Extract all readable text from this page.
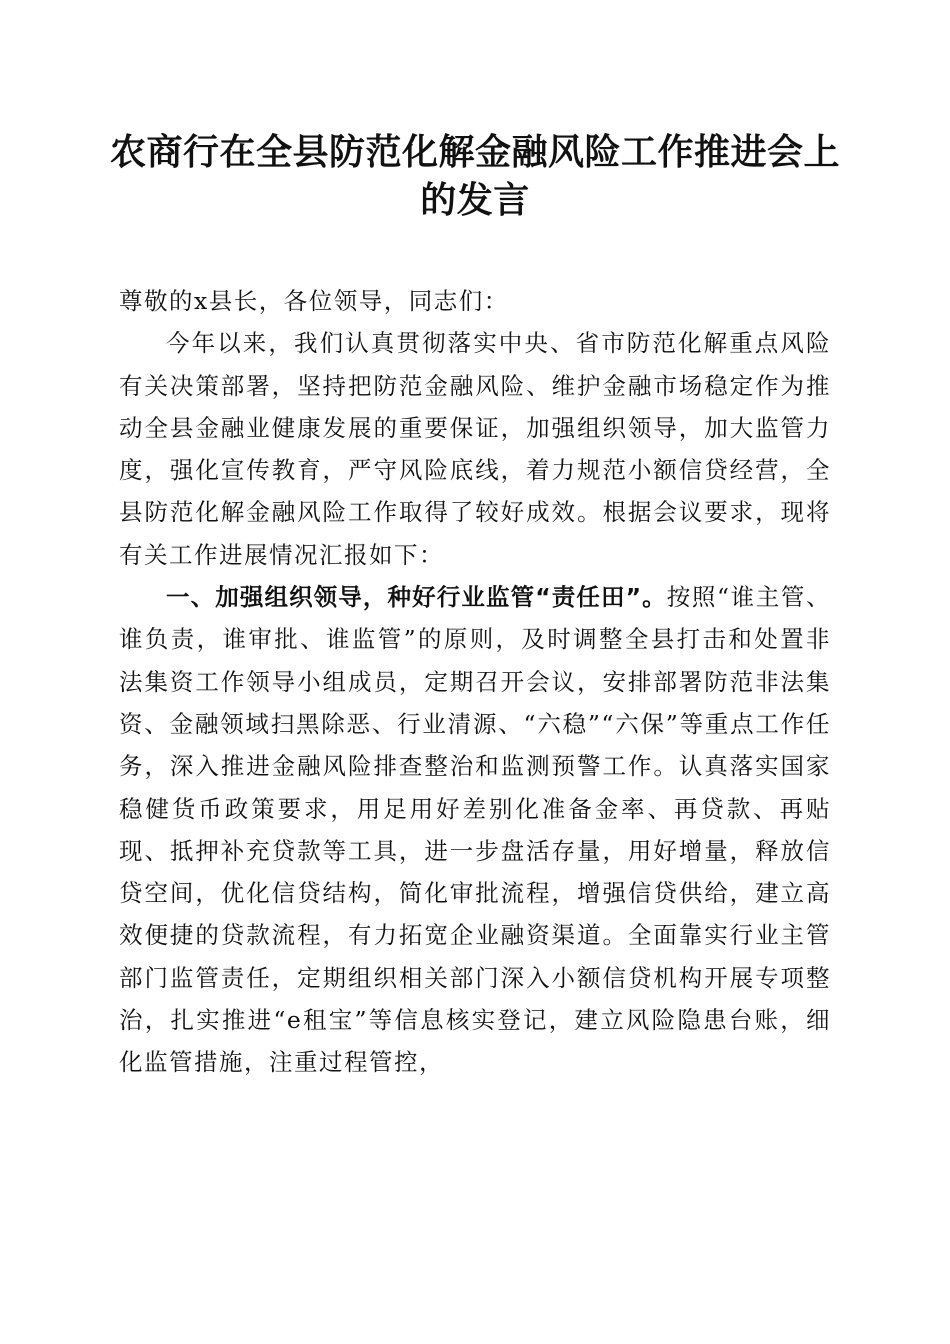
农商行在全县防范化解金融风险工作推进会上
的发言

尊敬的x县长，各位领导，同志们：

今年以来，我们认真贯彻落实中央、省市防范化解重点风险有关决策部署，坚持把防范金融风险、维护金融市场稳定作为推动全县金融业健康发展的重要保证，加强组织领导，加大监管力度，强化宣传教育，严守风险底线，着力规范小额信贷经营，全县防范化解金融风险工作取得了较好成效。根据会议要求，现将有关工作进展情况汇报如下：

一、加强组织领导，种好行业监管“责任田”。按照“谁主管、谁负责，谁审批、谁监管”的原则，及时调整全县打击和处置非法集资工作领导小组成员，定期召开会议，安排部署防范非法集资、金融领域扫黑除恶、行业清源、“六稳”“六保”等重点工作任务，深入推进金融风险排查整治和监测预警工作。认真落实国家稳健货币政策要求，用足用好差别化准备金率、再贷款、再贴现、抵押补充贷款等工具，进一步盘活存量，用好增量，释放信贷空间，优化信贷结构，简化审批流程，增强信贷供给，建立高效便捷的贷款流程，有力拓宽企业融资渠道。全面靠实行业主管部门监管责任，定期组织相关部门深入小额信贷机构开展专项整治，扎实推进“e租宝”等信息核实登记，建立风险隐患台账，细化监管措施，注重过程管控，
